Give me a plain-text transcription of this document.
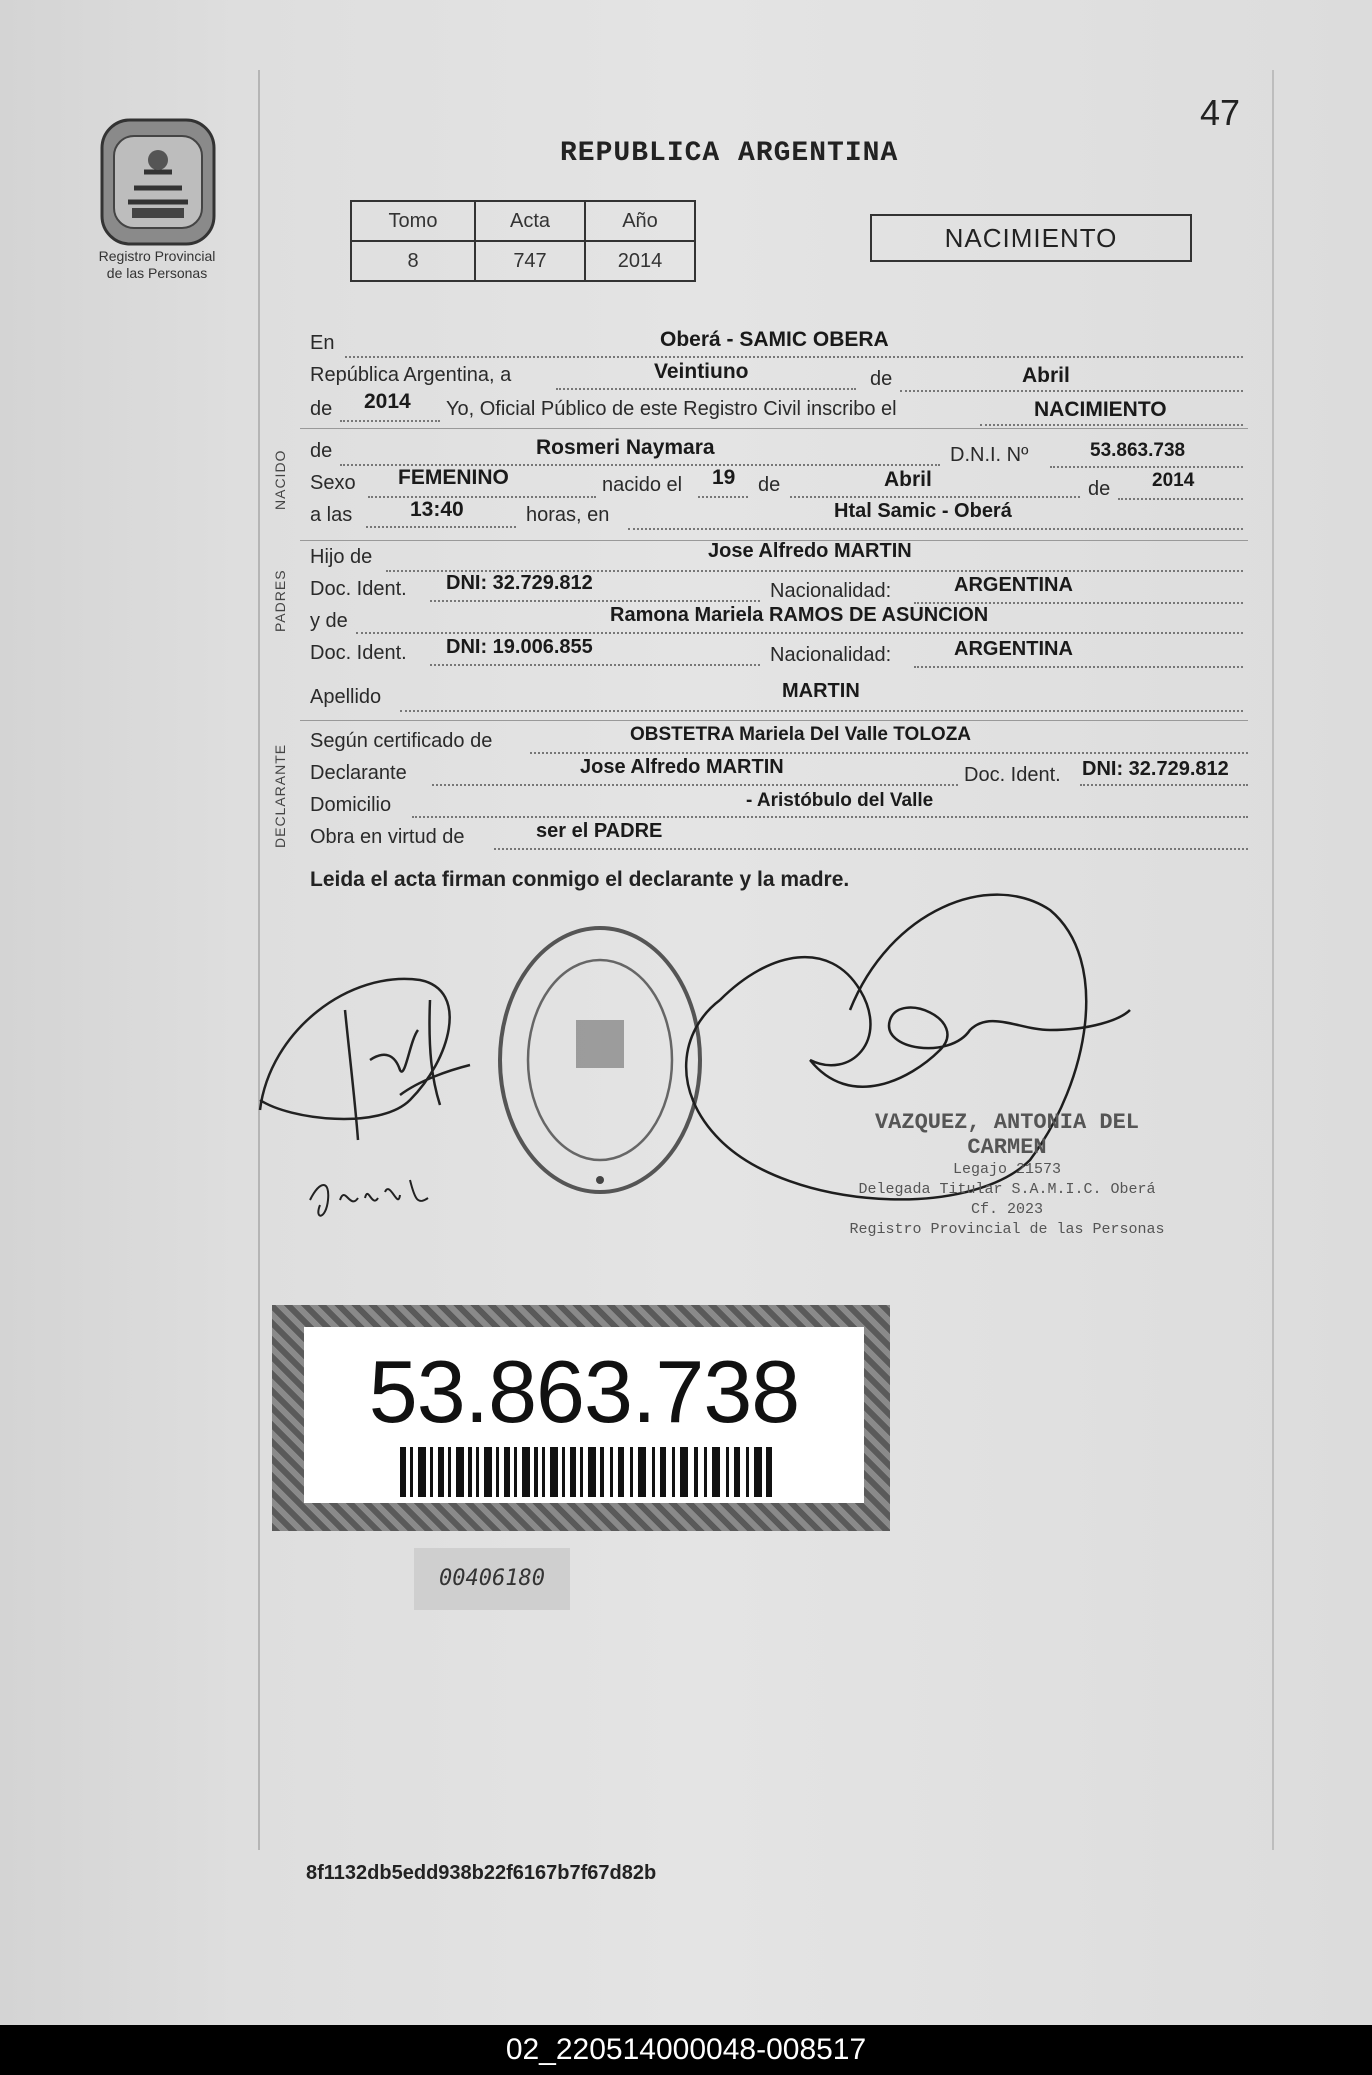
Registro Provincial
de las Personas
47
REPUBLICA ARGENTINA
Tomo	Acta	Año
8	747	2014
NACIMIENTO
NACIDO
PADRES
DECLARANTE
En	Oberá - SAMIC OBERA
República Argentina, a	Veintiuno	de	Abril
de 2014 Yo, Oficial Público de este Registro Civil inscribo el	NACIMIENTO
de	Rosmeri Naymara	D.N.I. Nº	53.863.738
Sexo FEMENINO	nacido el 19 de	Abril	de 2014
a las	13:40	horas, en	Htal Samic - Oberá
Hijo de	Jose Alfredo MARTIN
Doc. Ident. DNI: 32.729.812	Nacionalidad:	ARGENTINA
y de	Ramona Mariela RAMOS DE ASUNCION
Doc. Ident. DNI: 19.006.855	Nacionalidad:	ARGENTINA
Apellido	MARTIN
Según certificado de	OBSTETRA Mariela Del Valle TOLOZA
Declarante	Jose Alfredo MARTIN	Doc. Ident. DNI: 32.729.812
Domicilio	- Aristóbulo del Valle
Obra en virtud de	ser el PADRE
Leida el acta firman conmigo el declarante y la madre.
VAZQUEZ, ANTONIA DEL CARMEN
Legajo 21573
Delegada Titular S.A.M.I.C. Oberá Cf. 2023
Registro Provincial de las Personas
53.863.738
00406180
8f1132db5edd938b22f6167b7f67d82b
02_220514000048-008517
